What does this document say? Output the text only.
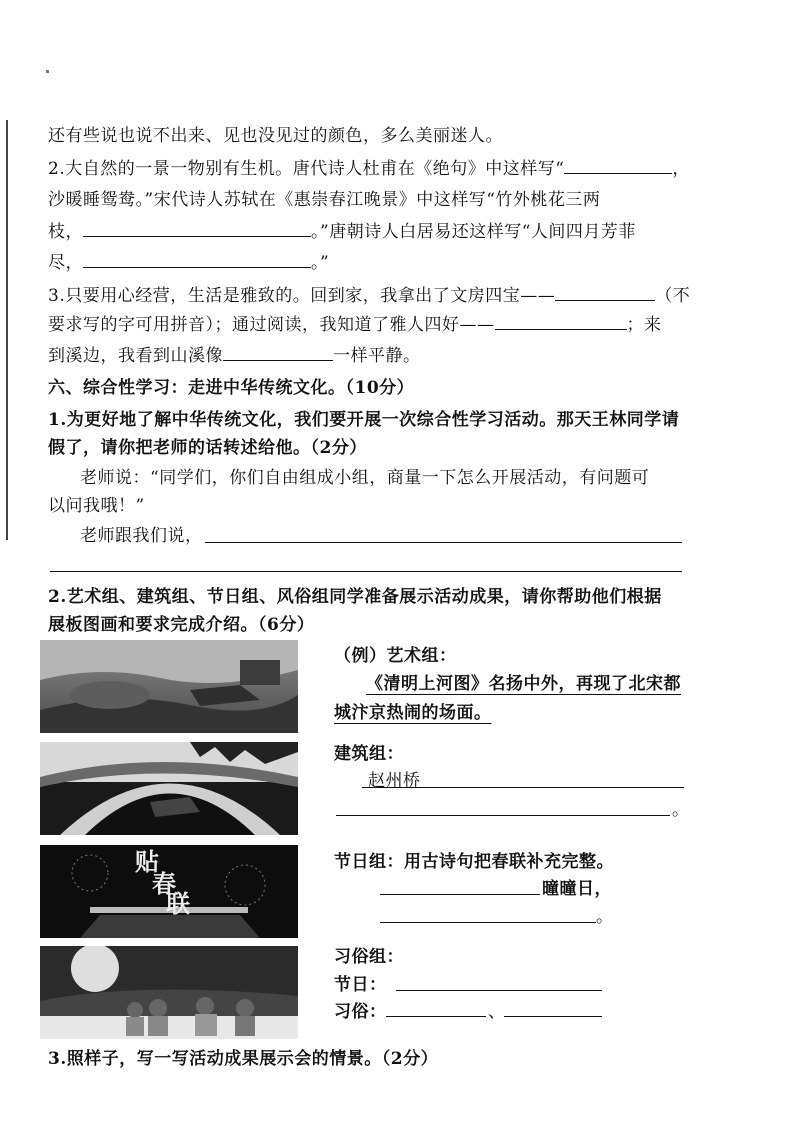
还有些说也说不出来、见也没见过的颜色，多么美丽迷人。
2.大自然的一景一物别有生机。唐代诗人杜甫在《绝句》中这样写“	，
沙暖睡鸳鸯。”宋代诗人苏轼在《惠崇春江晚景》中这样写“竹外桃花三两
枝，	。”唐朝诗人白居易还这样写“人间四月芳菲
尽，	。”
3.只要用心经营，生活是雅致的。回到家，我拿出了文房四宝——	（不
要求写的字可用拼音）；通过阅读，我知道了雅人四好——	；来
到溪边，我看到山溪像	一样平静。
六、综合性学习：走进中华传统文化。（10分）
1.为更好地了解中华传统文化，我们要开展一次综合性学习活动。那天王林同学请
假了，请你把老师的话转述给他。（2分）
老师说：“同学们，你们自由组成小组，商量一下怎么开展活动，有问题可
以问我哦！”
老师跟我们说，
2.艺术组、建筑组、节日组、风俗组同学准备展示活动成果，请你帮助他们根据
展板图画和要求完成介绍。（6分）
贴
春
联
（例）艺术组：
《清明上河图》名扬中外，再现了北宋都
城汴京热闹的场面。
建筑组：
赵州桥
。
节日组：用古诗句把春联补充完整。
曈曈日，
。
习俗组：
节日：
习俗：	、
3.照样子，写一写活动成果展示会的情景。（2分）
